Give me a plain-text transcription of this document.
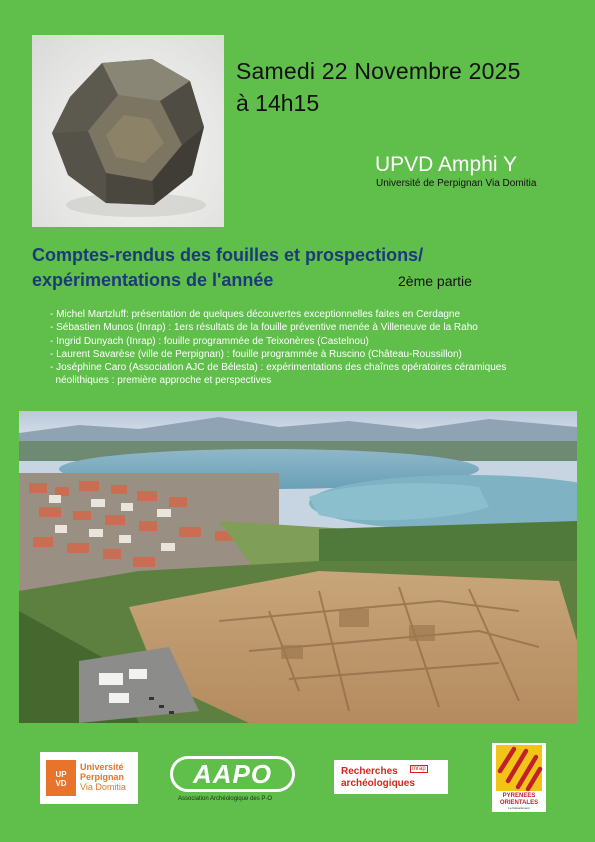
Samedi 22 Novembre 2025
à 14h15
UPVD Amphi Y
Université de Perpignan Via Domitia
Comptes-rendus des fouilles et prospections/
expérimentations de l'année	2ème partie
- Michel Martzluff: présentation de quelques découvertes exceptionnelles faites en Cerdagne
- Sébastien Munos (Inrap) : 1ers résultats de la fouille préventive menée à Villeneuve de la Raho
- Ingrid Dunyach (Inrap) : fouille programmée de Teixonères (Castelnou)
- Laurent Savarèse (ville de Perpignan) : fouille programmée à Ruscino (Château-Roussillon)
- Joséphine Caro (Association AJC de Bélesta) : expérimentations des chaînes opératoires céramiques
néolithiques : première approche et perspectives
UP
VD
Université
Perpignan
Via Domitia	AAPO
Association Archéologique des P-O
Recherches
archéologiques
Inrap
PYRENEES
ORIENTALES
Le Département
